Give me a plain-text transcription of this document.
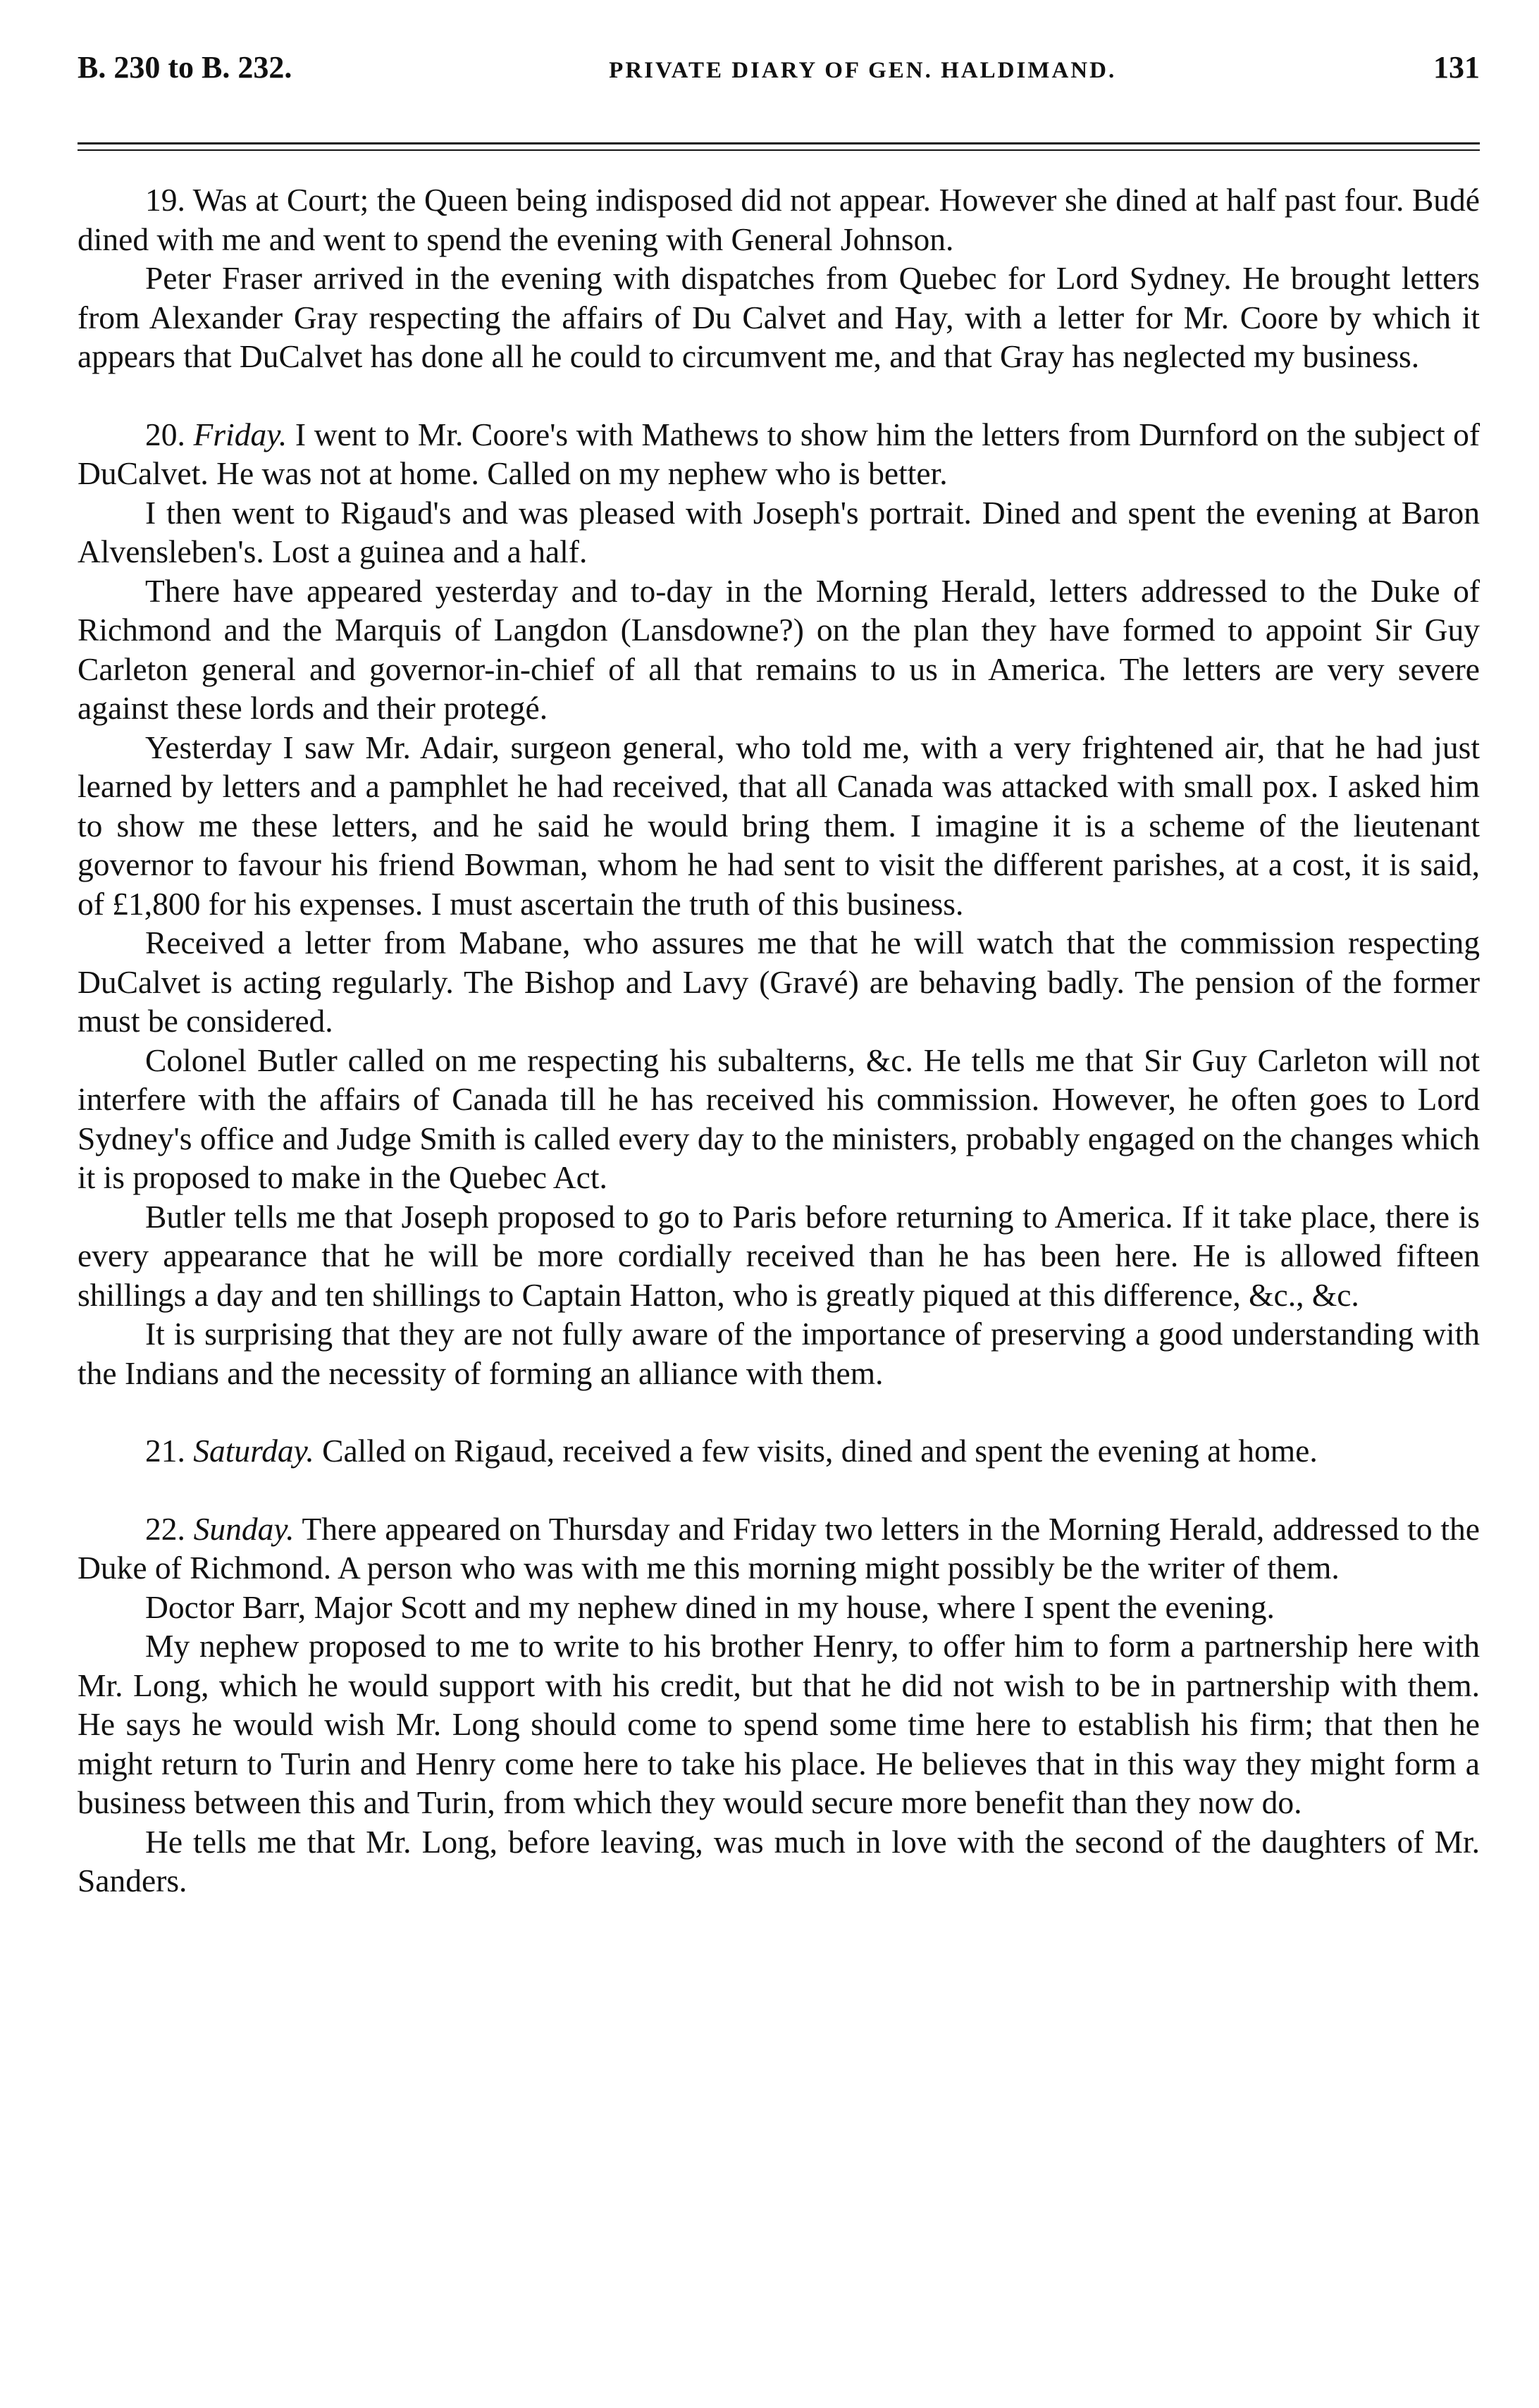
B. 230 to B. 232.	PRIVATE DIARY OF GEN. HALDIMAND.	131

19. Was at Court; the Queen being indisposed did not appear. However she dined at half past four. Budé dined with me and went to spend the evening with General Johnson.

Peter Fraser arrived in the evening with dispatches from Quebec for Lord Sydney. He brought letters from Alexander Gray respecting the affairs of Du Calvet and Hay, with a letter for Mr. Coore by which it appears that DuCalvet has done all he could to circumvent me, and that Gray has neglected my business.

20. Friday. I went to Mr. Coore's with Mathews to show him the letters from Durnford on the subject of DuCalvet. He was not at home. Called on my nephew who is better.

I then went to Rigaud's and was pleased with Joseph's portrait. Dined and spent the evening at Baron Alvensleben's. Lost a guinea and a half.

There have appeared yesterday and to-day in the Morning Herald, letters addressed to the Duke of Richmond and the Marquis of Langdon (Lansdowne?) on the plan they have formed to appoint Sir Guy Carleton general and governor-in-chief of all that remains to us in America. The letters are very severe against these lords and their protegé.

Yesterday I saw Mr. Adair, surgeon general, who told me, with a very frightened air, that he had just learned by letters and a pamphlet he had received, that all Canada was attacked with small pox. I asked him to show me these letters, and he said he would bring them. I imagine it is a scheme of the lieutenant governor to favour his friend Bowman, whom he had sent to visit the different parishes, at a cost, it is said, of £1,800 for his expenses. I must ascertain the truth of this business.

Received a letter from Mabane, who assures me that he will watch that the commission respecting DuCalvet is acting regularly. The Bishop and Lavy (Gravé) are behaving badly. The pension of the former must be considered.

Colonel Butler called on me respecting his subalterns, &c. He tells me that Sir Guy Carleton will not interfere with the affairs of Canada till he has received his commission. However, he often goes to Lord Sydney's office and Judge Smith is called every day to the ministers, probably engaged on the changes which it is proposed to make in the Quebec Act.

Butler tells me that Joseph proposed to go to Paris before returning to America. If it take place, there is every appearance that he will be more cordially received than he has been here. He is allowed fifteen shillings a day and ten shillings to Captain Hatton, who is greatly piqued at this difference, &c., &c.

It is surprising that they are not fully aware of the importance of preserving a good understanding with the Indians and the necessity of forming an alliance with them.

21. Saturday. Called on Rigaud, received a few visits, dined and spent the evening at home.

22. Sunday. There appeared on Thursday and Friday two letters in the Morning Herald, addressed to the Duke of Richmond. A person who was with me this morning might possibly be the writer of them.

Doctor Barr, Major Scott and my nephew dined in my house, where I spent the evening.

My nephew proposed to me to write to his brother Henry, to offer him to form a partnership here with Mr. Long, which he would support with his credit, but that he did not wish to be in partnership with them. He says he would wish Mr. Long should come to spend some time here to establish his firm; that then he might return to Turin and Henry come here to take his place. He believes that in this way they might form a business between this and Turin, from which they would secure more benefit than they now do.

He tells me that Mr. Long, before leaving, was much in love with the second of the daughters of Mr. Sanders.
